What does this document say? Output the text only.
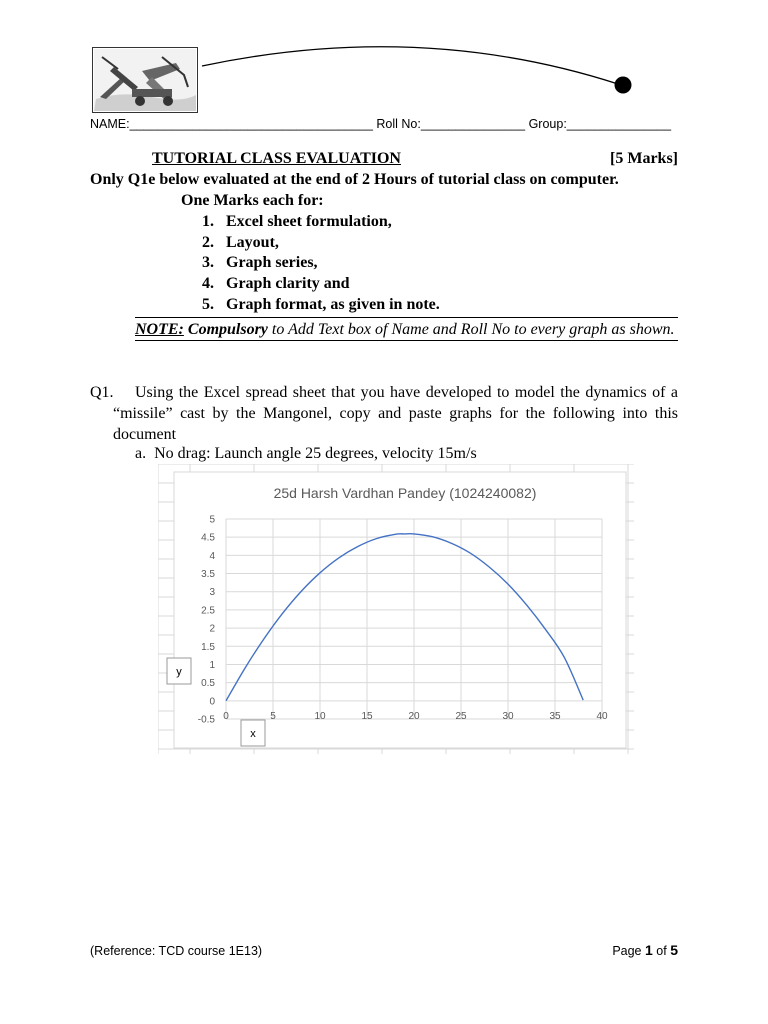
NAME:___________________________________ Roll No:_______________ Group:_______________
TUTORIAL CLASS EVALUATION	[5 Marks]
Only Q1e below evaluated at the end of 2 Hours of tutorial class on computer.
One Marks each for:
1. Excel sheet formulation,
2. Layout,
3. Graph series,
4. Graph clarity and
5. Graph format, as given in note.
NOTE: Compulsory to Add Text box of Name and Roll No to every graph as shown.
Q1.	Using the Excel spread sheet that you have developed to model the dynamics of a “missile” cast by the Mangonel, copy and paste graphs for the following into this document
a.  No drag: Launch angle 25 degrees, velocity 15m/s
25d Harsh Vardhan Pandey (1024240082)
-0.5
0
0.5
1
1.5
2
2.5
3
3.5
4
4.5
5
0	5	10	15	20	25	30	35	40
y
x
(Reference: TCD course 1E13)	Page 1 of 5
